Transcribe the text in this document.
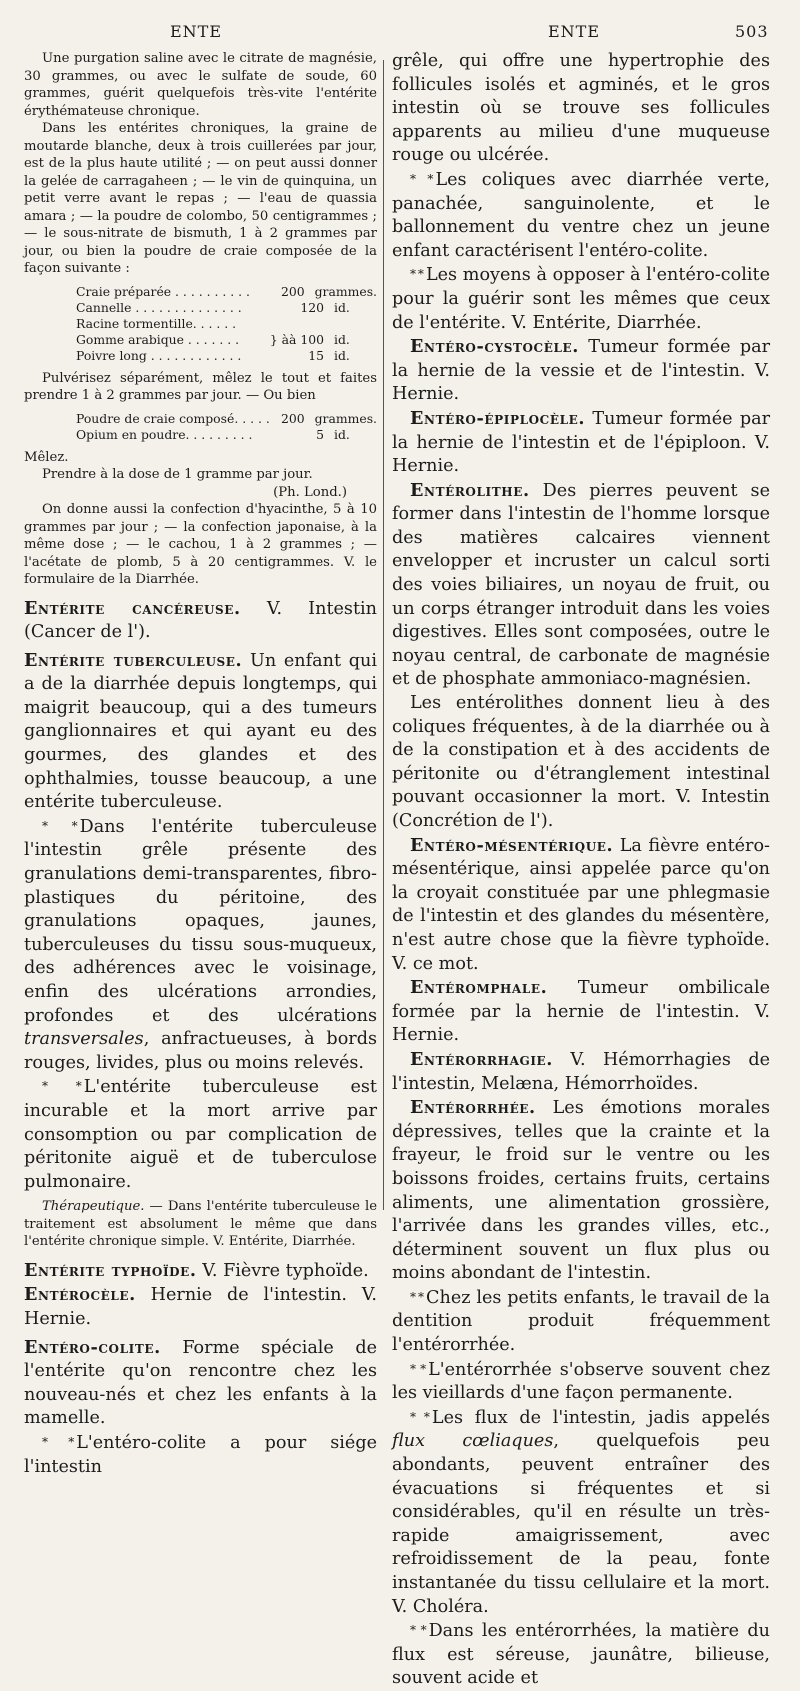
ENTE	ENTE	503

Une purgation saline avec le citrate de magnésie, 30 grammes, ou avec le sulfate de soude, 60 grammes, guérit quelquefois très-vite l'entérite érythémateuse chronique.

Dans les entérites chroniques, la graine de moutarde blanche, deux à trois cuillerées par jour, est de la plus haute utilité ; — on peut aussi donner la gelée de carragaheen ; — le vin de quinquina, un petit verre avant le repas ; — l'eau de quassia amara ; — la poudre de colombo, 50 centigrammes ; — le sous-nitrate de bismuth, 1 à 2 grammes par jour, ou bien la poudre de craie composée de la façon suivante :

Craie préparée . . . . . . . . . .	200 grammes.
Cannelle . . . . . . . . . . . . . .	120 id.
Racine tormentille. . . . . .
Gomme arabique . . . . . . .	} àà 100 id.
Poivre long . . . . . . . . . . . .	15 id.

Pulvérisez séparément, mêlez le tout et faites prendre 1 à 2 grammes par jour. — Ou bien

Poudre de craie composé. . . . . 200 grammes.
Opium en poudre. . . . . . . . .	5 id.

Mêlez.

Prendre à la dose de 1 gramme par jour.

(Ph. Lond.)

On donne aussi la confection d'hyacinthe, 5 à 10 grammes par jour ; — la confection japonaise, à la même dose ; — le cachou, 1 à 2 grammes ; — l'acétate de plomb, 5 à 20 centigrammes. V. le formulaire de la Diarrhée.

Entérite cancéreuse. V. Intestin (Cancer de l').

Entérite tuberculeuse. Un enfant qui a de la diarrhée depuis longtemps, qui maigrit beaucoup, qui a des tumeurs ganglionnaires et qui ayant eu des gourmes, des glandes et des ophthalmies, tousse beaucoup, a une entérite tuberculeuse.

* * Dans l'entérite tuberculeuse l'intestin grêle présente des granulations demi-transparentes, fibro-plastiques du péritoine, des granulations opaques, jaunes, tuberculeuses du tissu sous-muqueux, des adhérences avec le voisinage, enfin des ulcérations arrondies, profondes et des ulcérations transversales, anfractueuses, à bords rouges, livides, plus ou moins relevés.

* * L'entérite tuberculeuse est incurable et la mort arrive par consomption ou par complication de péritonite aiguë et de tuberculose pulmonaire.

Thérapeutique. — Dans l'entérite tuberculeuse le traitement est absolument le même que dans l'entérite chronique simple. V. Entérite, Diarrhée.

Entérite typhoïde. V. Fièvre typhoïde.

Entérocèle. Hernie de l'intestin. V. Hernie.

Entéro-colite. Forme spéciale de l'entérite qu'on rencontre chez les nouveau-nés et chez les enfants à la mamelle.

* * L'entéro-colite a pour siége l'intestin

grêle, qui offre une hypertrophie des follicules isolés et agminés, et le gros intestin où se trouve ses follicules apparents au milieu d'une muqueuse rouge ou ulcérée.

* * Les coliques avec diarrhée verte, panachée, sanguinolente, et le ballonnement du ventre chez un jeune enfant caractérisent l'entéro-colite.

* * Les moyens à opposer à l'entéro-colite pour la guérir sont les mêmes que ceux de l'entérite. V. Entérite, Diarrhée.

Entéro-cystocèle. Tumeur formée par la hernie de la vessie et de l'intestin. V. Hernie.

Entéro-épiplocèle. Tumeur formée par la hernie de l'intestin et de l'épiploon. V. Hernie.

Entérolithe. Des pierres peuvent se former dans l'intestin de l'homme lorsque des matières calcaires viennent envelopper et incruster un calcul sorti des voies biliaires, un noyau de fruit, ou un corps étranger introduit dans les voies digestives. Elles sont composées, outre le noyau central, de carbonate de magnésie et de phosphate ammoniaco-magnésien.

Les entérolithes donnent lieu à des coliques fréquentes, à de la diarrhée ou à de la constipation et à des accidents de péritonite ou d'étranglement intestinal pouvant occasionner la mort. V. Intestin (Concrétion de l').

Entéro-mésentérique. La fièvre entéro-mésentérique, ainsi appelée parce qu'on la croyait constituée par une phlegmasie de l'intestin et des glandes du mésentère, n'est autre chose que la fièvre typhoïde. V. ce mot.

Entéromphale. Tumeur ombilicale formée par la hernie de l'intestin. V. Hernie.

Entérorrhagie. V. Hémorrhagies de l'intestin, Melæna, Hémorrhoïdes.

Entérorrhée. Les émotions morales dépressives, telles que la crainte et la frayeur, le froid sur le ventre ou les boissons froides, certains fruits, certains aliments, une alimentation grossière, l'arrivée dans les grandes villes, etc., déterminent souvent un flux plus ou moins abondant de l'intestin.

* * Chez les petits enfants, le travail de la dentition produit fréquemment l'entérorrhée.

* * L'entérorrhée s'observe souvent chez les vieillards d'une façon permanente.

* * Les flux de l'intestin, jadis appelés flux cœliaques, quelquefois peu abondants, peuvent entraîner des évacuations si fréquentes et si considérables, qu'il en résulte un très-rapide amaigrissement, avec refroidissement de la peau, fonte instantanée du tissu cellulaire et la mort. V. Choléra.

* * Dans les entérorrhées, la matière du flux est séreuse, jaunâtre, bilieuse, souvent acide et
